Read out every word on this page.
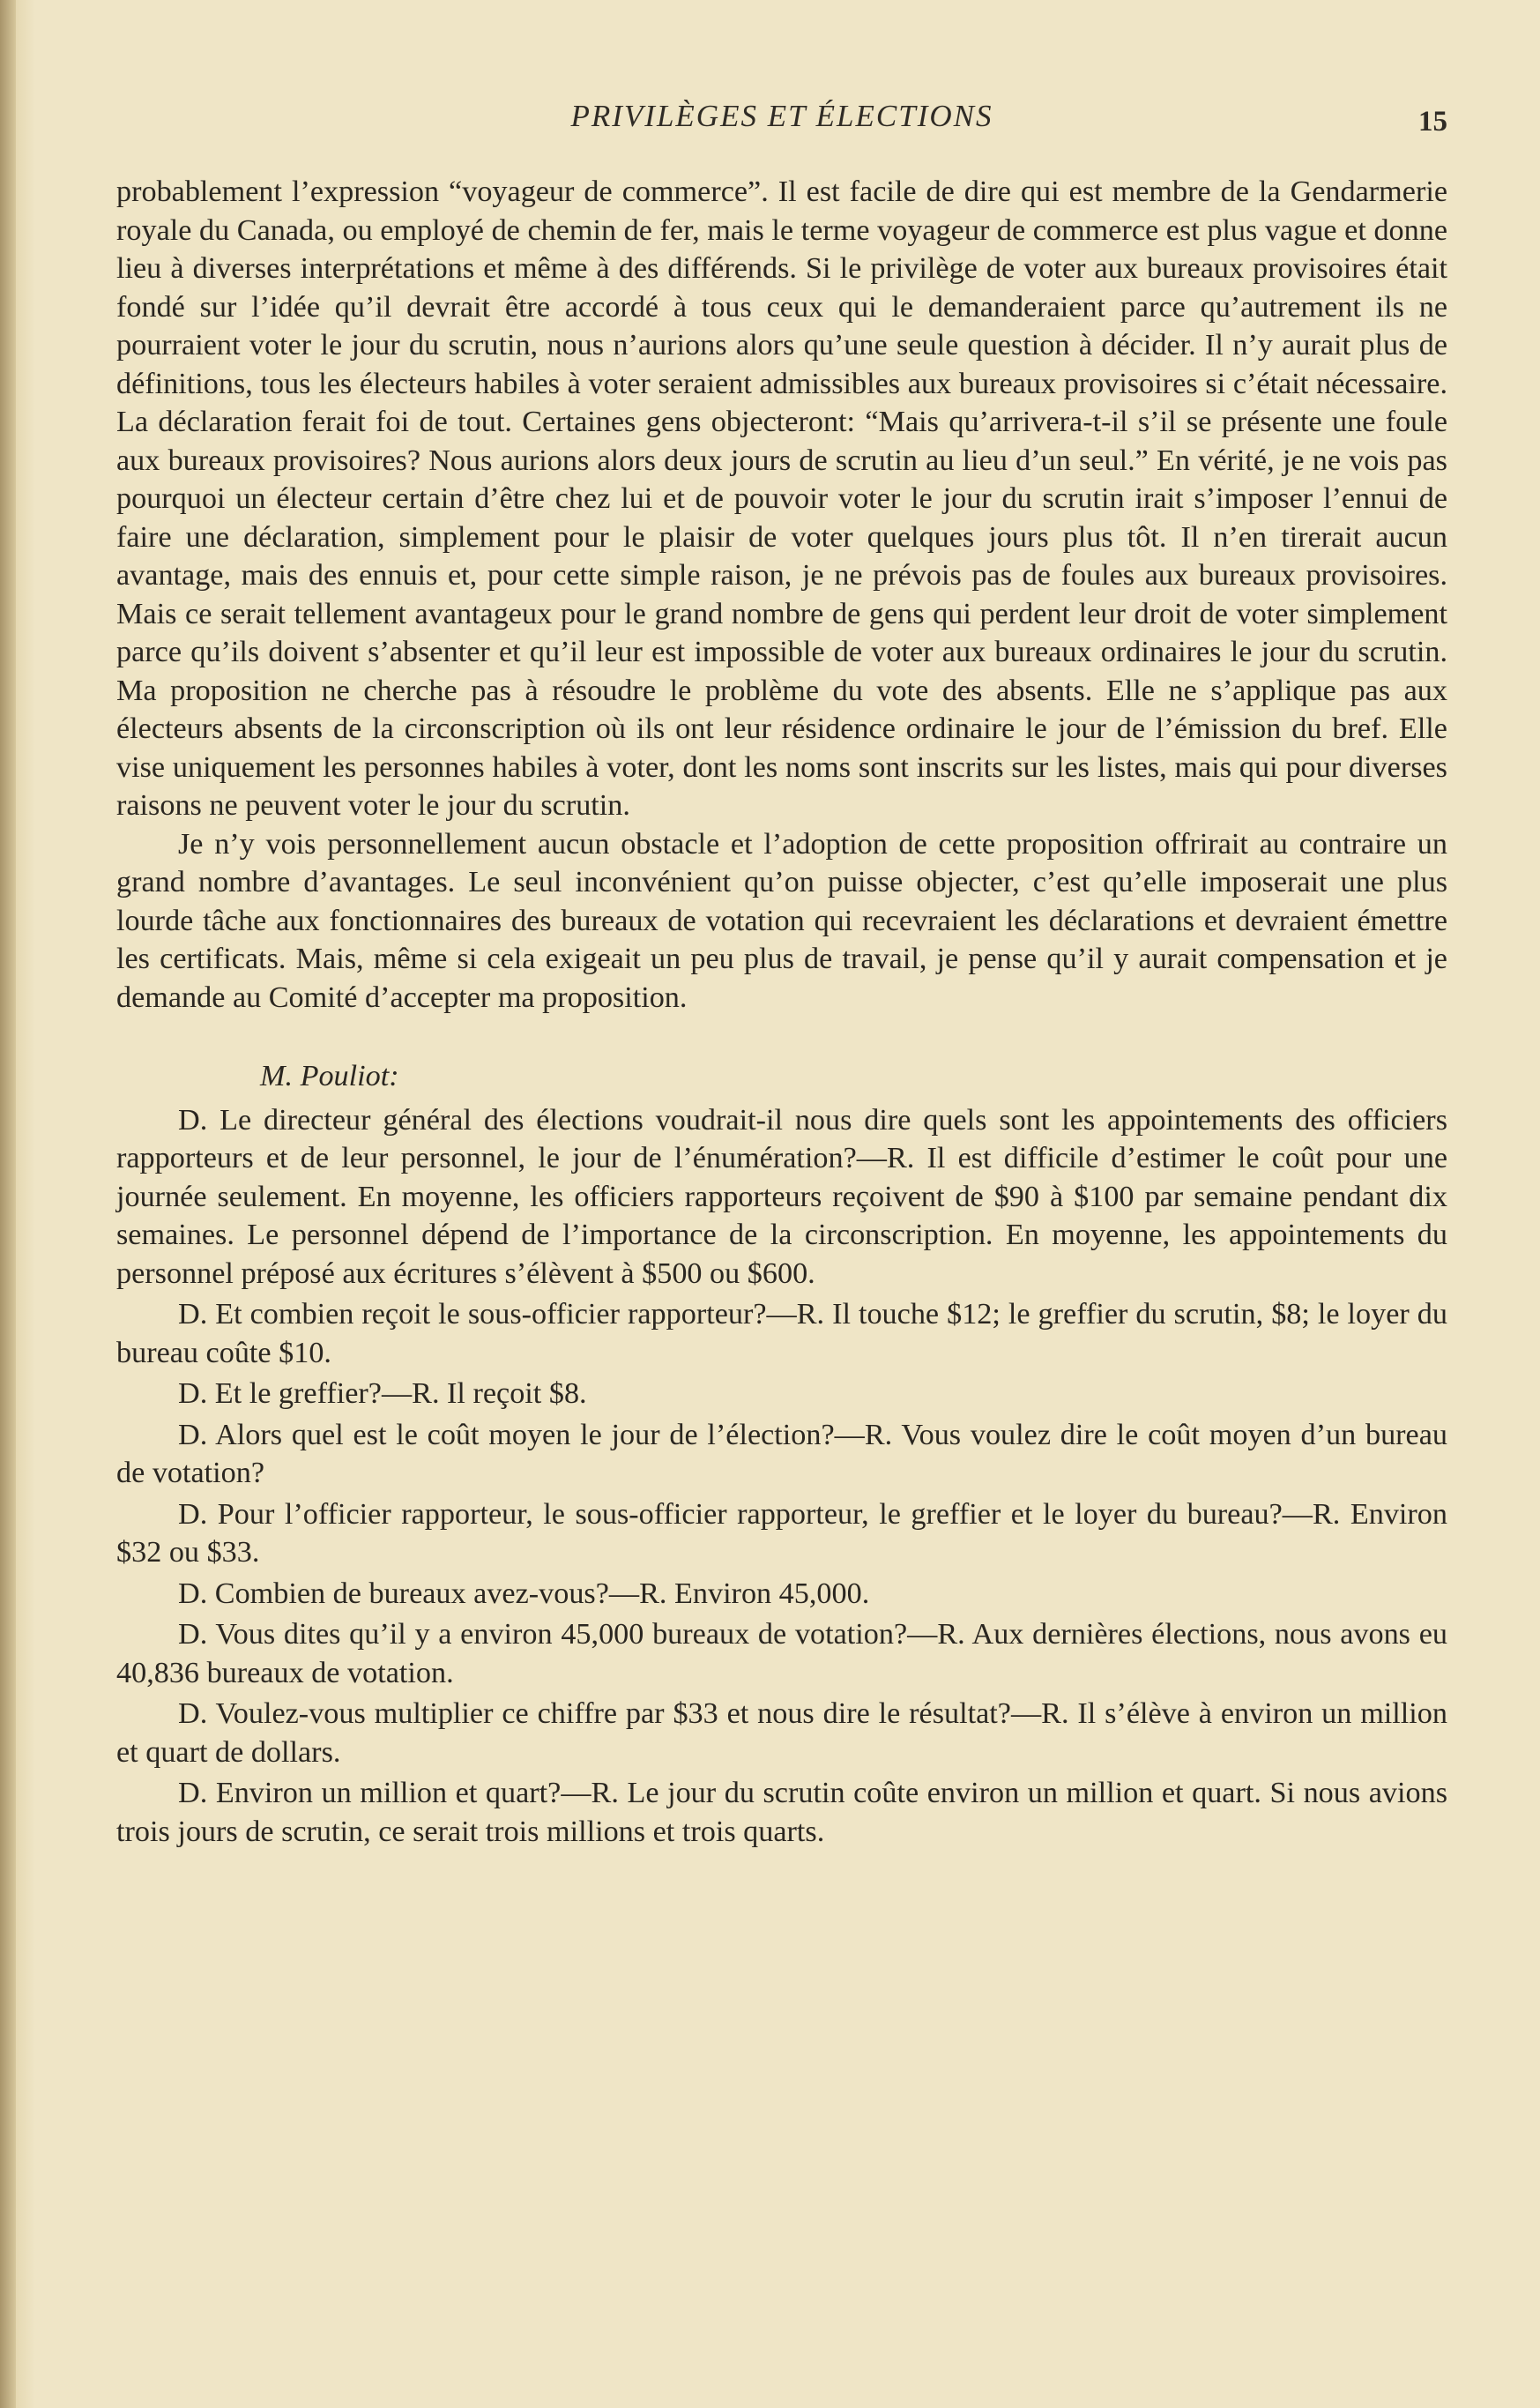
PRIVILÈGES ET ÉLECTIONS	15

probablement l’expression “voyageur de commerce”. Il est facile de dire qui est membre de la Gendarmerie royale du Canada, ou employé de chemin de fer, mais le terme voyageur de commerce est plus vague et donne lieu à diverses interprétations et même à des différends. Si le privilège de voter aux bureaux provisoires était fondé sur l’idée qu’il devrait être accordé à tous ceux qui le demanderaient parce qu’autrement ils ne pourraient voter le jour du scrutin, nous n’aurions alors qu’une seule question à décider. Il n’y aurait plus de définitions, tous les électeurs habiles à voter seraient admissibles aux bureaux provisoires si c’était nécessaire. La déclaration ferait foi de tout. Certaines gens objecteront: “Mais qu’arrivera-t-il s’il se présente une foule aux bureaux provisoires? Nous aurions alors deux jours de scrutin au lieu d’un seul.” En vérité, je ne vois pas pourquoi un électeur certain d’être chez lui et de pouvoir voter le jour du scrutin irait s’imposer l’ennui de faire une déclaration, simplement pour le plaisir de voter quelques jours plus tôt. Il n’en tirerait aucun avantage, mais des ennuis et, pour cette simple raison, je ne prévois pas de foules aux bureaux provisoires. Mais ce serait tellement avantageux pour le grand nombre de gens qui perdent leur droit de voter simplement parce qu’ils doivent s’absenter et qu’il leur est impossible de voter aux bureaux ordinaires le jour du scrutin. Ma proposition ne cherche pas à résoudre le problème du vote des absents. Elle ne s’applique pas aux électeurs absents de la circonscription où ils ont leur résidence ordinaire le jour de l’émission du bref. Elle vise uniquement les personnes habiles à voter, dont les noms sont inscrits sur les listes, mais qui pour diverses raisons ne peuvent voter le jour du scrutin.

Je n’y vois personnellement aucun obstacle et l’adoption de cette proposition offrirait au contraire un grand nombre d’avantages. Le seul inconvénient qu’on puisse objecter, c’est qu’elle imposerait une plus lourde tâche aux fonctionnaires des bureaux de votation qui recevraient les déclarations et devraient émettre les certificats. Mais, même si cela exigeait un peu plus de travail, je pense qu’il y aurait compensation et je demande au Comité d’accepter ma proposition.

M. Pouliot:

D. Le directeur général des élections voudrait-il nous dire quels sont les appointements des officiers rapporteurs et de leur personnel, le jour de l’énumération?—R. Il est difficile d’estimer le coût pour une journée seulement. En moyenne, les officiers rapporteurs reçoivent de $90 à $100 par semaine pendant dix semaines. Le personnel dépend de l’importance de la circonscription. En moyenne, les appointements du personnel préposé aux écritures s’élèvent à $500 ou $600.

D. Et combien reçoit le sous-officier rapporteur?—R. Il touche $12; le greffier du scrutin, $8; le loyer du bureau coûte $10.

D. Et le greffier?—R. Il reçoit $8.

D. Alors quel est le coût moyen le jour de l’élection?—R. Vous voulez dire le coût moyen d’un bureau de votation?

D. Pour l’officier rapporteur, le sous-officier rapporteur, le greffier et le loyer du bureau?—R. Environ $32 ou $33.

D. Combien de bureaux avez-vous?—R. Environ 45,000.

D. Vous dites qu’il y a environ 45,000 bureaux de votation?—R. Aux dernières élections, nous avons eu 40,836 bureaux de votation.

D. Voulez-vous multiplier ce chiffre par $33 et nous dire le résultat?—R. Il s’élève à environ un million et quart de dollars.

D. Environ un million et quart?—R. Le jour du scrutin coûte environ un million et quart. Si nous avions trois jours de scrutin, ce serait trois millions et trois quarts.
